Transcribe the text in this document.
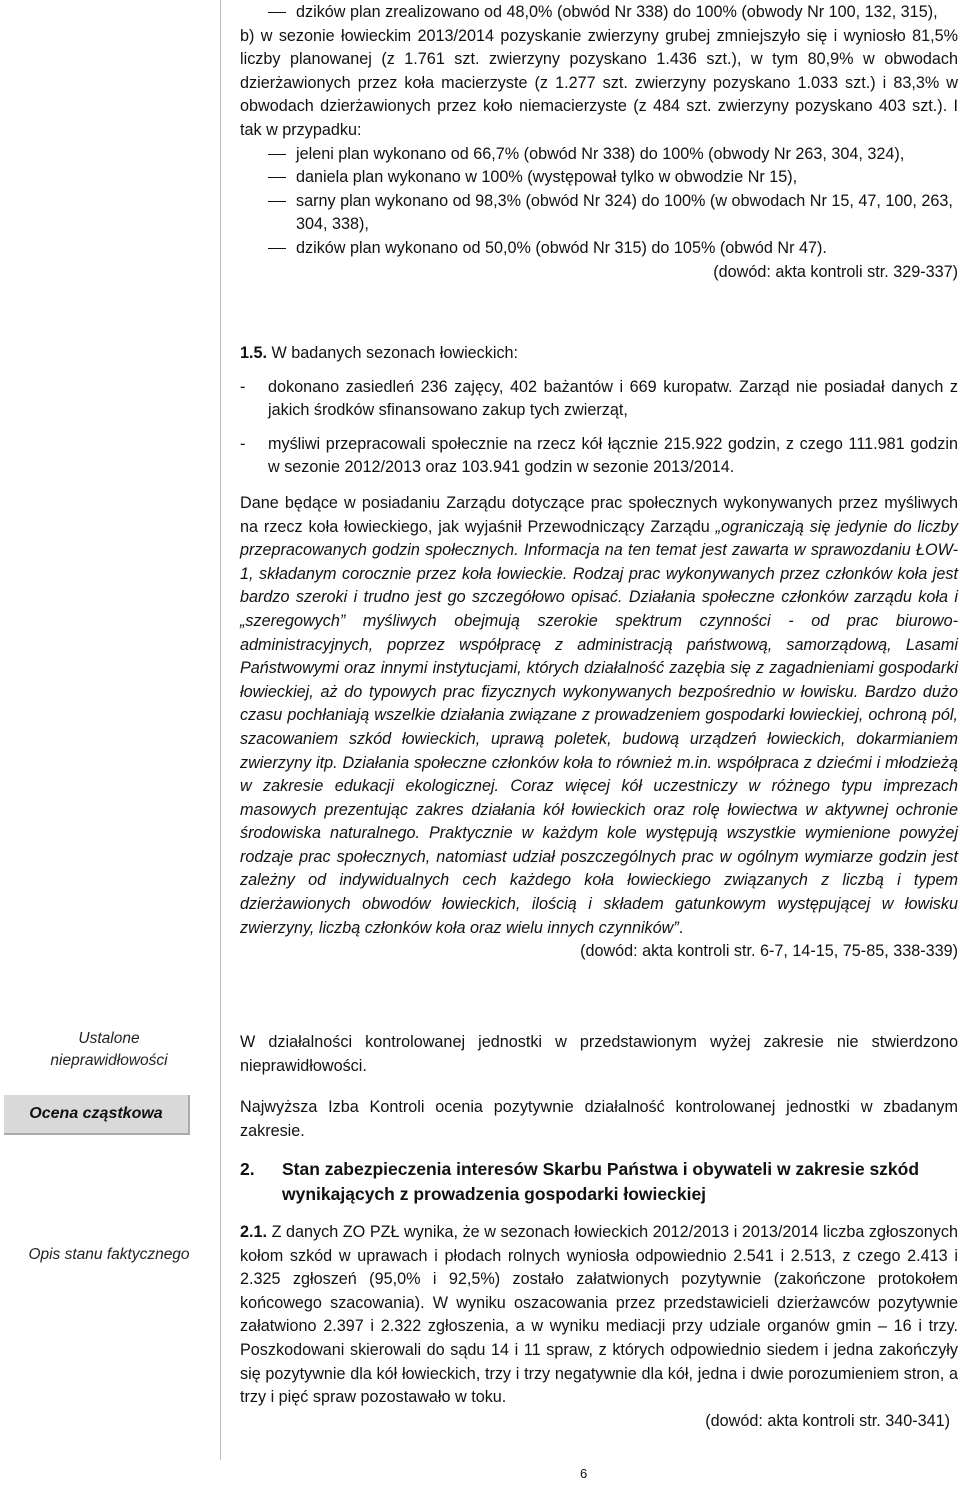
Ustalone nieprawidłowości
Ocena cząstkowa
Opis stanu faktycznego
dzików plan zrealizowano od 48,0% (obwód Nr 338) do 100% (obwody Nr 100, 132, 315),

b) w sezonie łowieckim 2013/2014 pozyskanie zwierzyny grubej zmniejszyło się i wyniosło 81,5% liczby planowanej (z 1.761 szt. zwierzyny pozyskano 1.436 szt.), w tym 80,9% w obwodach dzierżawionych przez koła macierzyste (z 1.277 szt. zwierzyny pozyskano 1.033 szt.) i 83,3% w obwodach dzierżawionych przez koło niemacierzyste (z 484 szt. zwierzyny pozyskano 403 szt.). I tak w przypadku:

jeleni plan wykonano od 66,7% (obwód Nr 338) do 100% (obwody Nr 263, 304, 324),
daniela plan wykonano w 100% (występował tylko w obwodzie Nr 15),
sarny plan wykonano od 98,3% (obwód Nr 324) do 100% (w obwodach Nr 15, 47, 100, 263, 304, 338),
dzików plan wykonano od 50,0% (obwód Nr 315) do 105% (obwód Nr 47).
(dowód: akta kontroli str. 329-337)

1.5. W badanych sezonach łowieckich:

- dokonano zasiedleń 236 zajęcy, 402 bażantów i 669 kuropatw. Zarząd nie posiadał danych z jakich środków sfinansowano zakup tych zwierząt,
- myśliwi przepracowali społecznie na rzecz kół łącznie 215.922 godzin, z czego 111.981 godzin w sezonie 2012/2013 oraz 103.941 godzin w sezonie 2013/2014.

Dane będące w posiadaniu Zarządu dotyczące prac społecznych wykonywanych przez myśliwych na rzecz koła łowieckiego, jak wyjaśnił Przewodniczący Zarządu „ograniczają się jedynie do liczby przepracowanych godzin społecznych. Informacja na ten temat jest zawarta w sprawozdaniu ŁOW-1, składanym corocznie przez koła łowieckie. Rodzaj prac wykonywanych przez członków koła jest bardzo szeroki i trudno jest go szczegółowo opisać. Działania społeczne członków zarządu koła i „szeregowych” myśliwych obejmują szerokie spektrum czynności - od prac biurowo-administracyjnych, poprzez współpracę z administracją państwową, samorządową, Lasami Państwowymi oraz innymi instytucjami, których działalność zazębia się z zagadnieniami gospodarki łowieckiej, aż do typowych prac fizycznych wykonywanych bezpośrednio w łowisku. Bardzo dużo czasu pochłaniają wszelkie działania związane z prowadzeniem gospodarki łowieckiej, ochroną pól, szacowaniem szkód łowieckich, uprawą poletek, budową urządzeń łowieckich, dokarmianiem zwierzyny itp. Działania społeczne członków koła to również m.in. współpraca z dziećmi i młodzieżą w zakresie edukacji ekologicznej. Coraz więcej kół uczestniczy w różnego typu imprezach masowych prezentując zakres działania kół łowieckich oraz rolę łowiectwa w aktywnej ochronie środowiska naturalnego. Praktycznie w każdym kole występują wszystkie wymienione powyżej rodzaje prac społecznych, natomiast udział poszczególnych prac w ogólnym wymiarze godzin jest zależny od indywidualnych cech każdego koła łowieckiego związanych z liczbą i typem dzierżawionych obwodów łowieckich, ilością i składem gatunkowym występującej w łowisku zwierzyny, liczbą członków koła oraz wielu innych czynników”.

(dowód: akta kontroli str. 6-7, 14-15, 75-85, 338-339)

W działalności kontrolowanej jednostki w przedstawionym wyżej zakresie nie stwierdzono nieprawidłowości.

Najwyższa Izba Kontroli ocenia pozytywnie działalność kontrolowanej jednostki w zbadanym zakresie.

2. Stan zabezpieczenia interesów Skarbu Państwa i obywateli w zakresie szkód wynikających z prowadzenia gospodarki łowieckiej

2.1. Z danych ZO PZŁ wynika, że w sezonach łowieckich 2012/2013 i 2013/2014 liczba zgłoszonych kołom szkód w uprawach i płodach rolnych wyniosła odpowiednio 2.541 i 2.513, z czego 2.413 i 2.325 zgłoszeń (95,0% i 92,5%) zostało załatwionych pozytywnie (zakończone protokołem końcowego szacowania). W wyniku oszacowania przez przedstawicieli dzierżawców pozytywnie załatwiono 2.397 i 2.322 zgłoszenia, a w wyniku mediacji przy udziale organów gmin – 16 i trzy. Poszkodowani skierowali do sądu 14 i 11 spraw, z których odpowiednio siedem i jedna zakończyły się pozytywnie dla kół łowieckich, trzy i trzy negatywnie dla kół, jedna i dwie porozumieniem stron, a trzy i pięć spraw pozostawało w toku.

(dowód: akta kontroli str. 340-341)
6
